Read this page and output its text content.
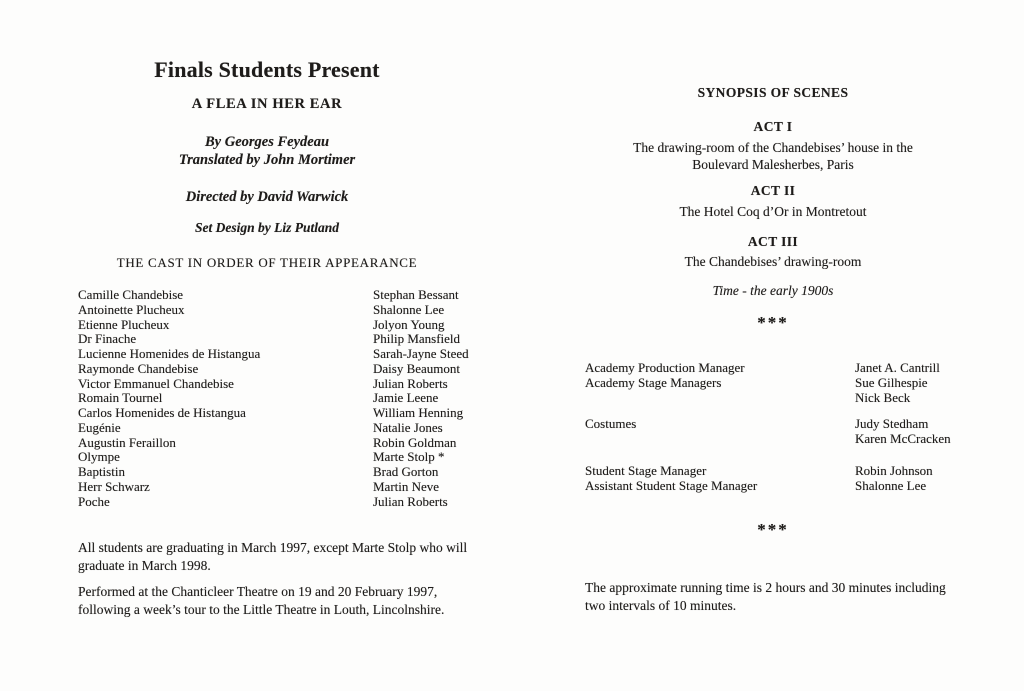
Finals Students Present
A FLEA IN HER EAR
By Georges Feydeau
Translated by John Mortimer
Directed by David Warwick
Set Design by Liz Putland
THE CAST IN ORDER OF THEIR APPEARANCE
Camille Chandebise	Stephan Bessant
Antoinette Plucheux	Shalonne Lee
Etienne Plucheux	Jolyon Young
Dr Finache	Philip Mansfield
Lucienne Homenides de Histangua	Sarah-Jayne Steed
Raymonde Chandebise	Daisy Beaumont
Victor Emmanuel Chandebise	Julian Roberts
Romain Tournel	Jamie Leene
Carlos Homenides de Histangua	William Henning
Eugénie	Natalie Jones
Augustin Feraillon	Robin Goldman
Olympe	Marte Stolp *
Baptistin	Brad Gorton
Herr Schwarz	Martin Neve
Poche	Julian Roberts
All students are graduating in March 1997, except Marte Stolp who will
graduate in March 1998.
Performed at the Chanticleer Theatre on 19 and 20 February 1997,
following a week’s tour to the Little Theatre in Louth, Lincolnshire.
SYNOPSIS OF SCENES
ACT I
The drawing-room of the Chandebises’ house in the
Boulevard Malesherbes, Paris
ACT II
The Hotel Coq d’Or in Montretout
ACT III
The Chandebises’ drawing-room
Time - the early 1900s
***
Academy Production Manager	Janet A. Cantrill
Academy Stage Managers	Sue Gilhespie
Nick Beck
Costumes	Judy Stedham
Karen McCracken
Student Stage Manager	Robin Johnson
Assistant Student Stage Manager	Shalonne Lee
***
The approximate running time is 2 hours and 30 minutes including
two intervals of 10 minutes.
